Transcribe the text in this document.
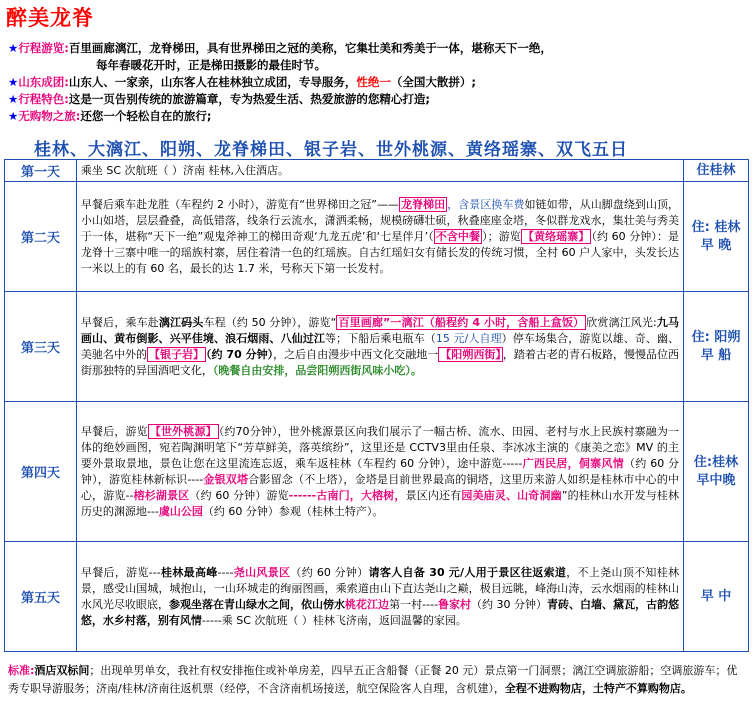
醉美龙脊
★行程游览:百里画廊漓江，龙脊梯田，具有世界梯田之冠的美称，它集壮美和秀美于一体，堪称天下一绝，
每年春暖花开时，正是梯田摄影的最佳时节。
★山东成团:山东人、一家亲，山东客人在桂林独立成团，专导服务，性绝一（全国大散拼）;
★行程特色:这是一页告别传统的旅游篇章，专为热爱生活、热爱旅游的您精心打造;
★无购物之旅:还您一个轻松自在的旅行;
桂林、大漓江、阳朔、龙脊梯田、银子岩、世外桃源、黄络瑶寨、双飞五日
第一天	乘坐 SC 次航班（ ）济南 桂林,入住酒店。	住桂林
第二天	早餐后乘车赴龙胜（车程约 2 小时），游览有“世界梯田之冠”—— 龙脊梯田 ，含景区换车费如链如带，从山脚盘绕到山顶，小山如塔，层层叠叠，高低错落，线条行云流水，潇洒柔畅，规模磅礴壮硕，秋叠座座金塔，冬似群龙戏水，集壮美与秀美于一体，堪称“天下一绝”观鬼斧神工的梯田奇观‘九龙五虎’和‘七星伴月’（ 不含中餐 ）；游览 【黄络瑶寨】 （约 60 分钟）：是龙脊十三寨中唯一的瑶族村寨，居住着清一色的红瑶族。自古红瑶妇女有储长发的传统习惯，全村 60 户人家中，头发长达一米以上的有 60 名，最长的达 1.7 米，号称天下第一长发村。	住: 桂林 早 晚
第三天	早餐后，乘车赴漓江码头车程（约 50 分钟），游览“ 百里画廊”一漓江（船程约 4 小时，含船上盒饭） 欣赏漓江风光:九马画山、黄布倒影、兴平佳境、浪石烟雨、八仙过江等；下船后乘电瓶车（15 元/人自理）停车场集合，游览以雄、奇、幽、美驰名中外的 【银子岩】 （约 70 分钟），之后自由漫步中西文化交融地一 【阳朔西街】 ，踏着古老的青石板路，慢慢品位西街那独特的异国酒吧文化，（晚餐自由安排，品尝阳朔西街风味小吃）。	住: 阳朔 早 船
第四天	早餐后，游览 【世外桃源】 （约70分钟），世外桃源景区向我们展示了一幅古桥、流水、田园、老村与水上民族村寨融为一体的绝妙画图，宛若陶渊明笔下“芳草鲜美，落英缤纷”，这里还是 CCTV3里由任泉、李冰冰主演的《康美之恋》MV 的主要外景取景地，景色让您在这里流连忘返，乘车返桂林（车程约 60 分钟），途中游览-----广西民居，侗寨风情（约 60 分钟），游览桂林新标识----金银双塔合影留念（不上塔），金塔是目前世界最高的铜塔，这里历来游人如织是桂林市中心的中心，游览--榕杉湖景区（约 60 分钟）游览------古南门，大榕树，景区内还有园美庙灵、山奇洞幽”的桂林山水开发与桂林历史的渊源地---虞山公园（约 60 分钟）参观（桂林土特产）。	住:桂林 早中晚
第五天	早餐后，游览---桂林最高峰----尧山风景区（约 60 分钟）请客人自备 30 元/人用于景区往返索道，不上尧山顶不知桂林景，感受山国城，城抱山，一山环城走的绚丽图画，乘索道由山下直达尧山之巅，极目远眺，峰海山涛，云水烟雨的桂林山水风光尽收眼底，参观坐落在青山绿水之间，依山傍水桃花江边第一村----鲁家村（约 30 分钟）青砖、白墙、黛瓦，古韵悠悠，水乡村落，别有风情-----乘 SC 次航班（ ）桂林飞济南，返回温馨的家园。	早 中
标准:酒店双标间；出现单男单女，我社有权安排拖住或补单房差，四早五正含船餐（正餐 20 元）景点第一门洞票；漓江空调旅游船；空调旅游车；优秀专职导游服务；济南/桂林/济南往返机票（经停，不含济南机场接送，航空保险客人自理，含机建），全程不进购物店，土特产不算购物店。
